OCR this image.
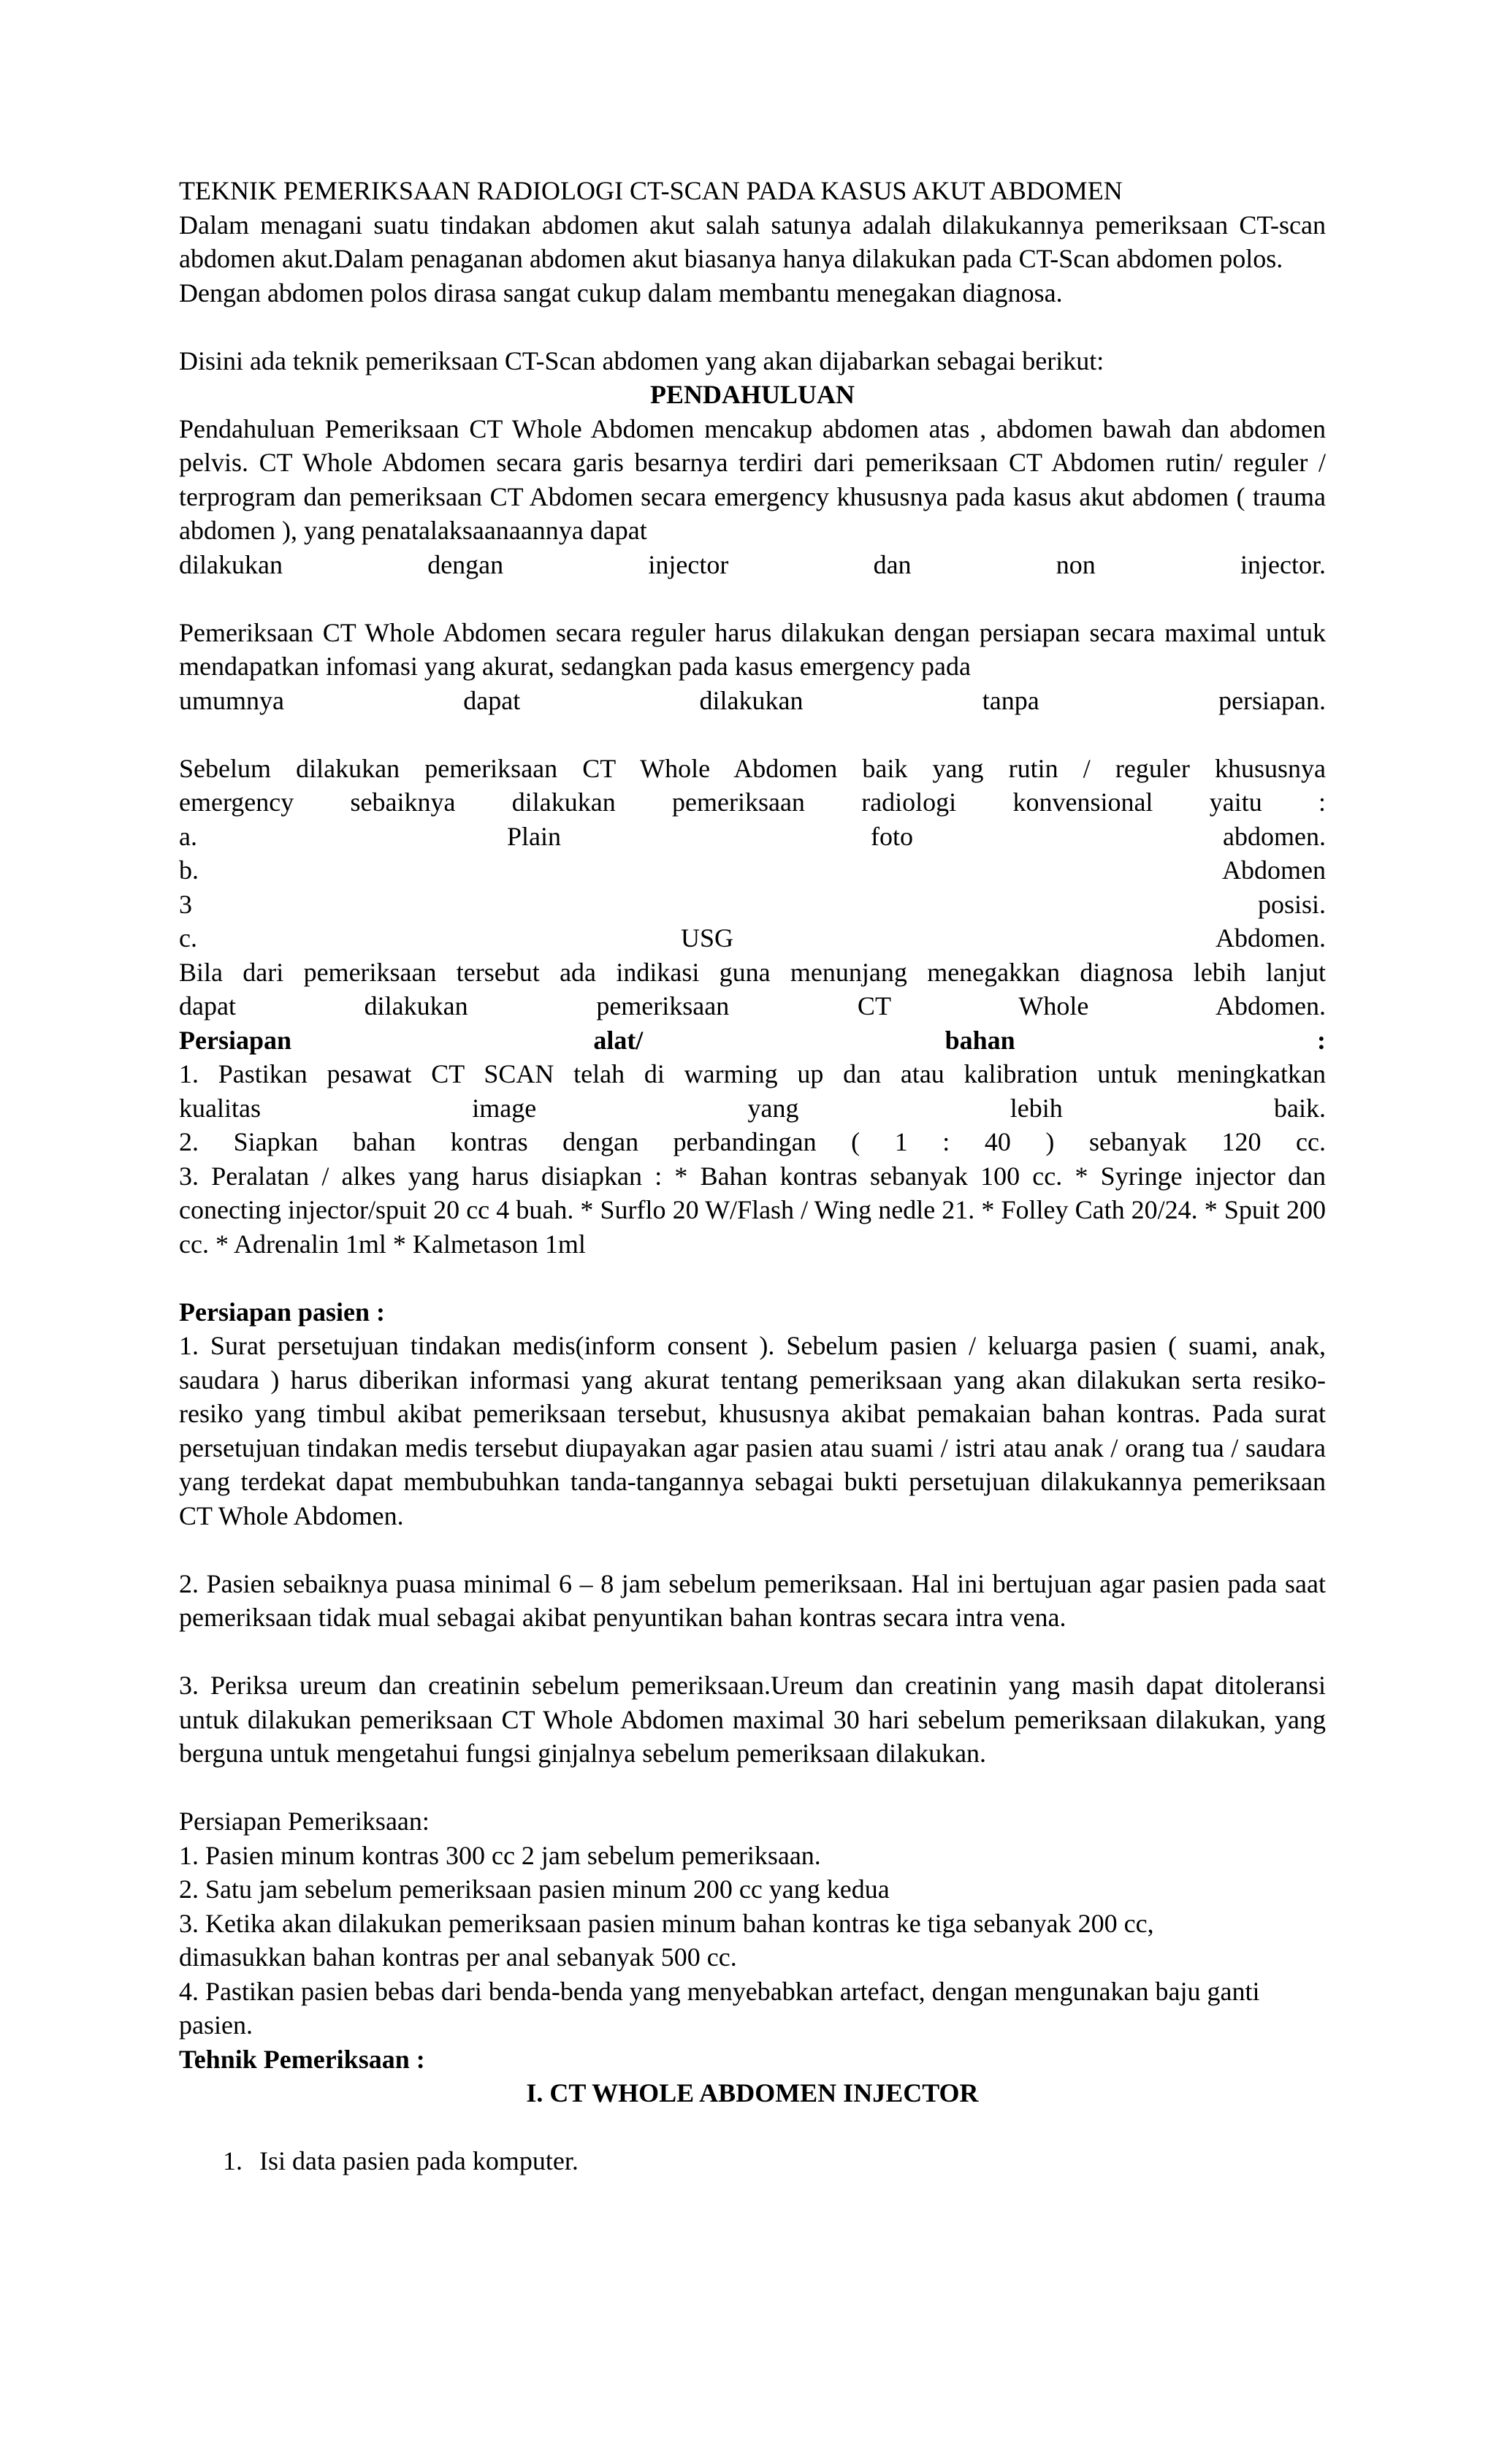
TEKNIK PEMERIKSAAN RADIOLOGI CT-SCAN PADA KASUS AKUT ABDOMEN

Dalam menagani suatu tindakan abdomen akut salah satunya adalah dilakukannya pemeriksaan CT-scan abdomen akut.Dalam penaganan abdomen akut biasanya hanya dilakukan pada CT-Scan abdomen polos.

Dengan abdomen polos dirasa sangat cukup dalam membantu menegakan diagnosa.

Disini ada teknik pemeriksaan CT-Scan abdomen yang akan dijabarkan sebagai berikut:

PENDAHULUAN

Pendahuluan Pemeriksaan CT Whole Abdomen mencakup abdomen atas , abdomen bawah dan abdomen pelvis. CT Whole Abdomen secara garis besarnya terdiri dari pemeriksaan CT Abdomen rutin/ reguler / terprogram dan pemeriksaan CT Abdomen secara emergency khususnya pada kasus akut abdomen ( trauma abdomen ), yang penatalaksaanaannya dapat

dilakukan dengan injector dan non injector.

Pemeriksaan CT Whole Abdomen secara reguler harus dilakukan dengan persiapan secara maximal untuk mendapatkan infomasi yang akurat, sedangkan pada kasus emergency pada

umumnya dapat dilakukan tanpa persiapan.

Sebelum dilakukan pemeriksaan CT Whole Abdomen baik yang rutin / reguler khususnya

emergency sebaiknya dilakukan pemeriksaan radiologi konvensional yaitu :

a. Plain foto abdomen.

b. Abdomen

3 posisi.

c. USG Abdomen.

Bila dari pemeriksaan tersebut ada indikasi guna menunjang menegakkan diagnosa lebih lanjut

dapat dilakukan pemeriksaan CT Whole Abdomen.

Persiapan alat/ bahan :

1. Pastikan pesawat CT SCAN telah di warming up dan atau kalibration untuk meningkatkan

kualitas image yang lebih baik.

2. Siapkan bahan kontras dengan perbandingan ( 1 : 40 ) sebanyak 120 cc.

3. Peralatan / alkes yang harus disiapkan : * Bahan kontras sebanyak 100 cc. * Syringe injector dan conecting injector/spuit 20 cc 4 buah. * Surflo 20 W/Flash / Wing nedle 21. * Folley Cath 20/24. * Spuit 200 cc. * Adrenalin 1ml * Kalmetason 1ml

Persiapan pasien :

1. Surat persetujuan tindakan medis(inform consent ). Sebelum pasien / keluarga pasien ( suami, anak, saudara ) harus diberikan informasi yang akurat tentang pemeriksaan yang akan dilakukan serta resiko-resiko yang timbul akibat pemeriksaan tersebut, khususnya akibat pemakaian bahan kontras. Pada surat persetujuan tindakan medis tersebut diupayakan agar pasien atau suami / istri atau anak / orang tua / saudara yang terdekat dapat membubuhkan tanda-tangannya sebagai bukti persetujuan dilakukannya pemeriksaan CT Whole Abdomen.

2. Pasien sebaiknya puasa minimal 6 – 8 jam sebelum pemeriksaan. Hal ini bertujuan agar pasien pada saat pemeriksaan tidak mual sebagai akibat penyuntikan bahan kontras secara intra vena.

3. Periksa ureum dan creatinin sebelum pemeriksaan.Ureum dan creatinin yang masih dapat ditoleransi untuk dilakukan pemeriksaan CT Whole Abdomen maximal 30 hari sebelum pemeriksaan dilakukan, yang berguna untuk mengetahui fungsi ginjalnya sebelum pemeriksaan dilakukan.

Persiapan Pemeriksaan:

1. Pasien minum kontras 300 cc 2 jam sebelum pemeriksaan.

2. Satu jam sebelum pemeriksaan pasien minum 200 cc yang kedua

3. Ketika akan dilakukan pemeriksaan pasien minum bahan kontras ke tiga sebanyak 200 cc,

dimasukkan bahan kontras per anal sebanyak 500 cc.

4. Pastikan pasien bebas dari benda-benda yang menyebabkan artefact, dengan mengunakan baju ganti pasien.

Tehnik Pemeriksaan :

I. CT WHOLE ABDOMEN INJECTOR

1. Isi data pasien pada komputer.
